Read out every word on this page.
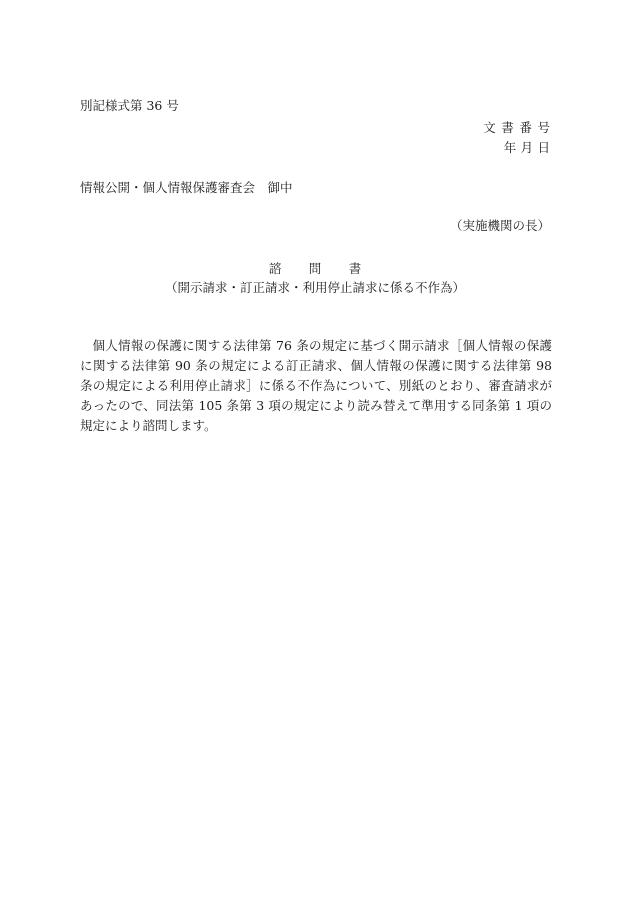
別記様式第 36 号
文書番号
年月日
情報公開・個人情報保護審査会　御中
（実施機関の長）
諮問書
（開示請求・訂正請求・利用停止請求に係る不作為）
個人情報の保護に関する法律第 76 条の規定に基づく開示請求［個人情報の保護に関する法律第 90 条の規定による訂正請求、個人情報の保護に関する法律第 98 条の規定による利用停止請求］に係る不作為について、別紙のとおり、審査請求があったので、同法第 105 条第 3 項の規定により読み替えて準用する同条第 1 項の規定により諮問します。
